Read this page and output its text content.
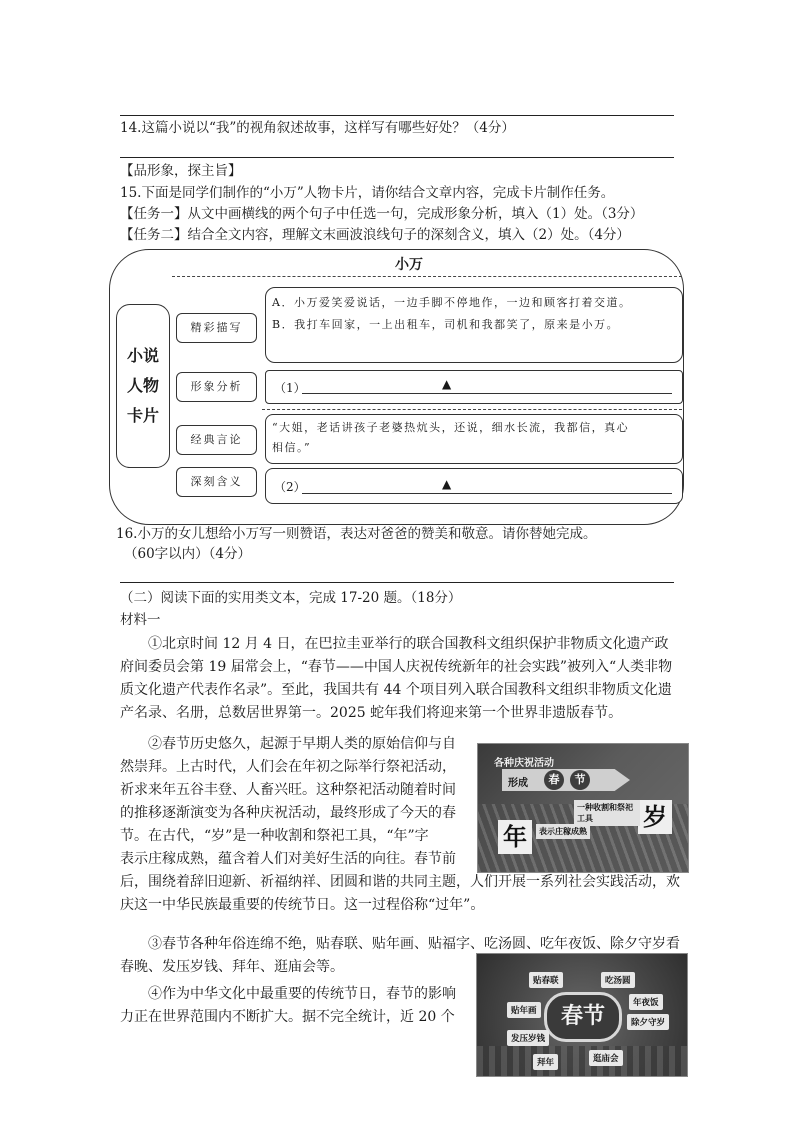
14.这篇小说以“我”的视角叙述故事，这样写有哪些好处？（4分）
【品形象，探主旨】
15.下面是同学们制作的“小万”人物卡片，请你结合文章内容，完成卡片制作任务。
【任务一】从文中画横线的两个句子中任选一句，完成形象分析，填入（1）处。（3分）
【任务二】结合全文内容，理解文末画波浪线句子的深刻含义，填入（2）处。（4分）
小万
小说
人物
卡片
精彩描写
A．小万爱笑爱说话，一边手脚不停地作，一边和顾客打着交道。
B．我打车回家，一上出租车，司机和我都笑了，原来是小万。
形象分析	（1）	▲
经典言论
“大姐，老话讲孩子老婆热炕头，还说，细水长流，我都信，真心
相信。”
深刻含义	（2）	▲
16.小万的女儿想给小万写一则赞语，表达对爸爸的赞美和敬意。请你替她完成。
（60字以内）（4分）
（二）阅读下面的实用类文本，完成 17-20 题。（18分）
材料一
①北京时间 12 月 4 日，在巴拉圭亚举行的联合国教科文组织保护非物质文化遗产政府间委员会第 19 届常会上，“春节——中国人庆祝传统新年的社会实践”被列入“人类非物质文化遗产代表作名录”。至此，我国共有 44 个项目列入联合国教科文组织非物质文化遗产名录、名册，总数居世界第一。2025 蛇年我们将迎来第一个世界非遗版春节。
②春节历史悠久，起源于早期人类的原始信仰与自
然崇拜。上古时代，人们会在年初之际举行祭祀活动，
祈求来年五谷丰登、人畜兴旺。这种祭祀活动随着时间
的推移逐渐演变为各种庆祝活动，最终形成了今天的春
节。在古代，“岁”是一种收割和祭祀工具，“年”字
表示庄稼成熟，蕴含着人们对美好生活的向往。春节前
后，围绕着辞旧迎新、祈福纳祥、团圆和谐的共同主题，人们开展一系列社会实践活动，欢庆这一中华民族最重要的传统节日。这一过程俗称“过年”。
各种庆祝活动
形成	春	节
岁
一种收割和祭祀工具
年	表示庄稼成熟
③春节各种年俗连绵不绝，贴春联、贴年画、贴福字、吃汤圆、吃年夜饭、除夕守岁看春晚、发压岁钱、拜年、逛庙会等。
④作为中华文化中最重要的传统节日，春节的影响
力正在世界范围内不断扩大。据不完全统计，近 20 个	春节
贴春联	吃汤圆
年夜饭
贴年画
除夕守岁
发压岁钱
拜年	逛庙会
